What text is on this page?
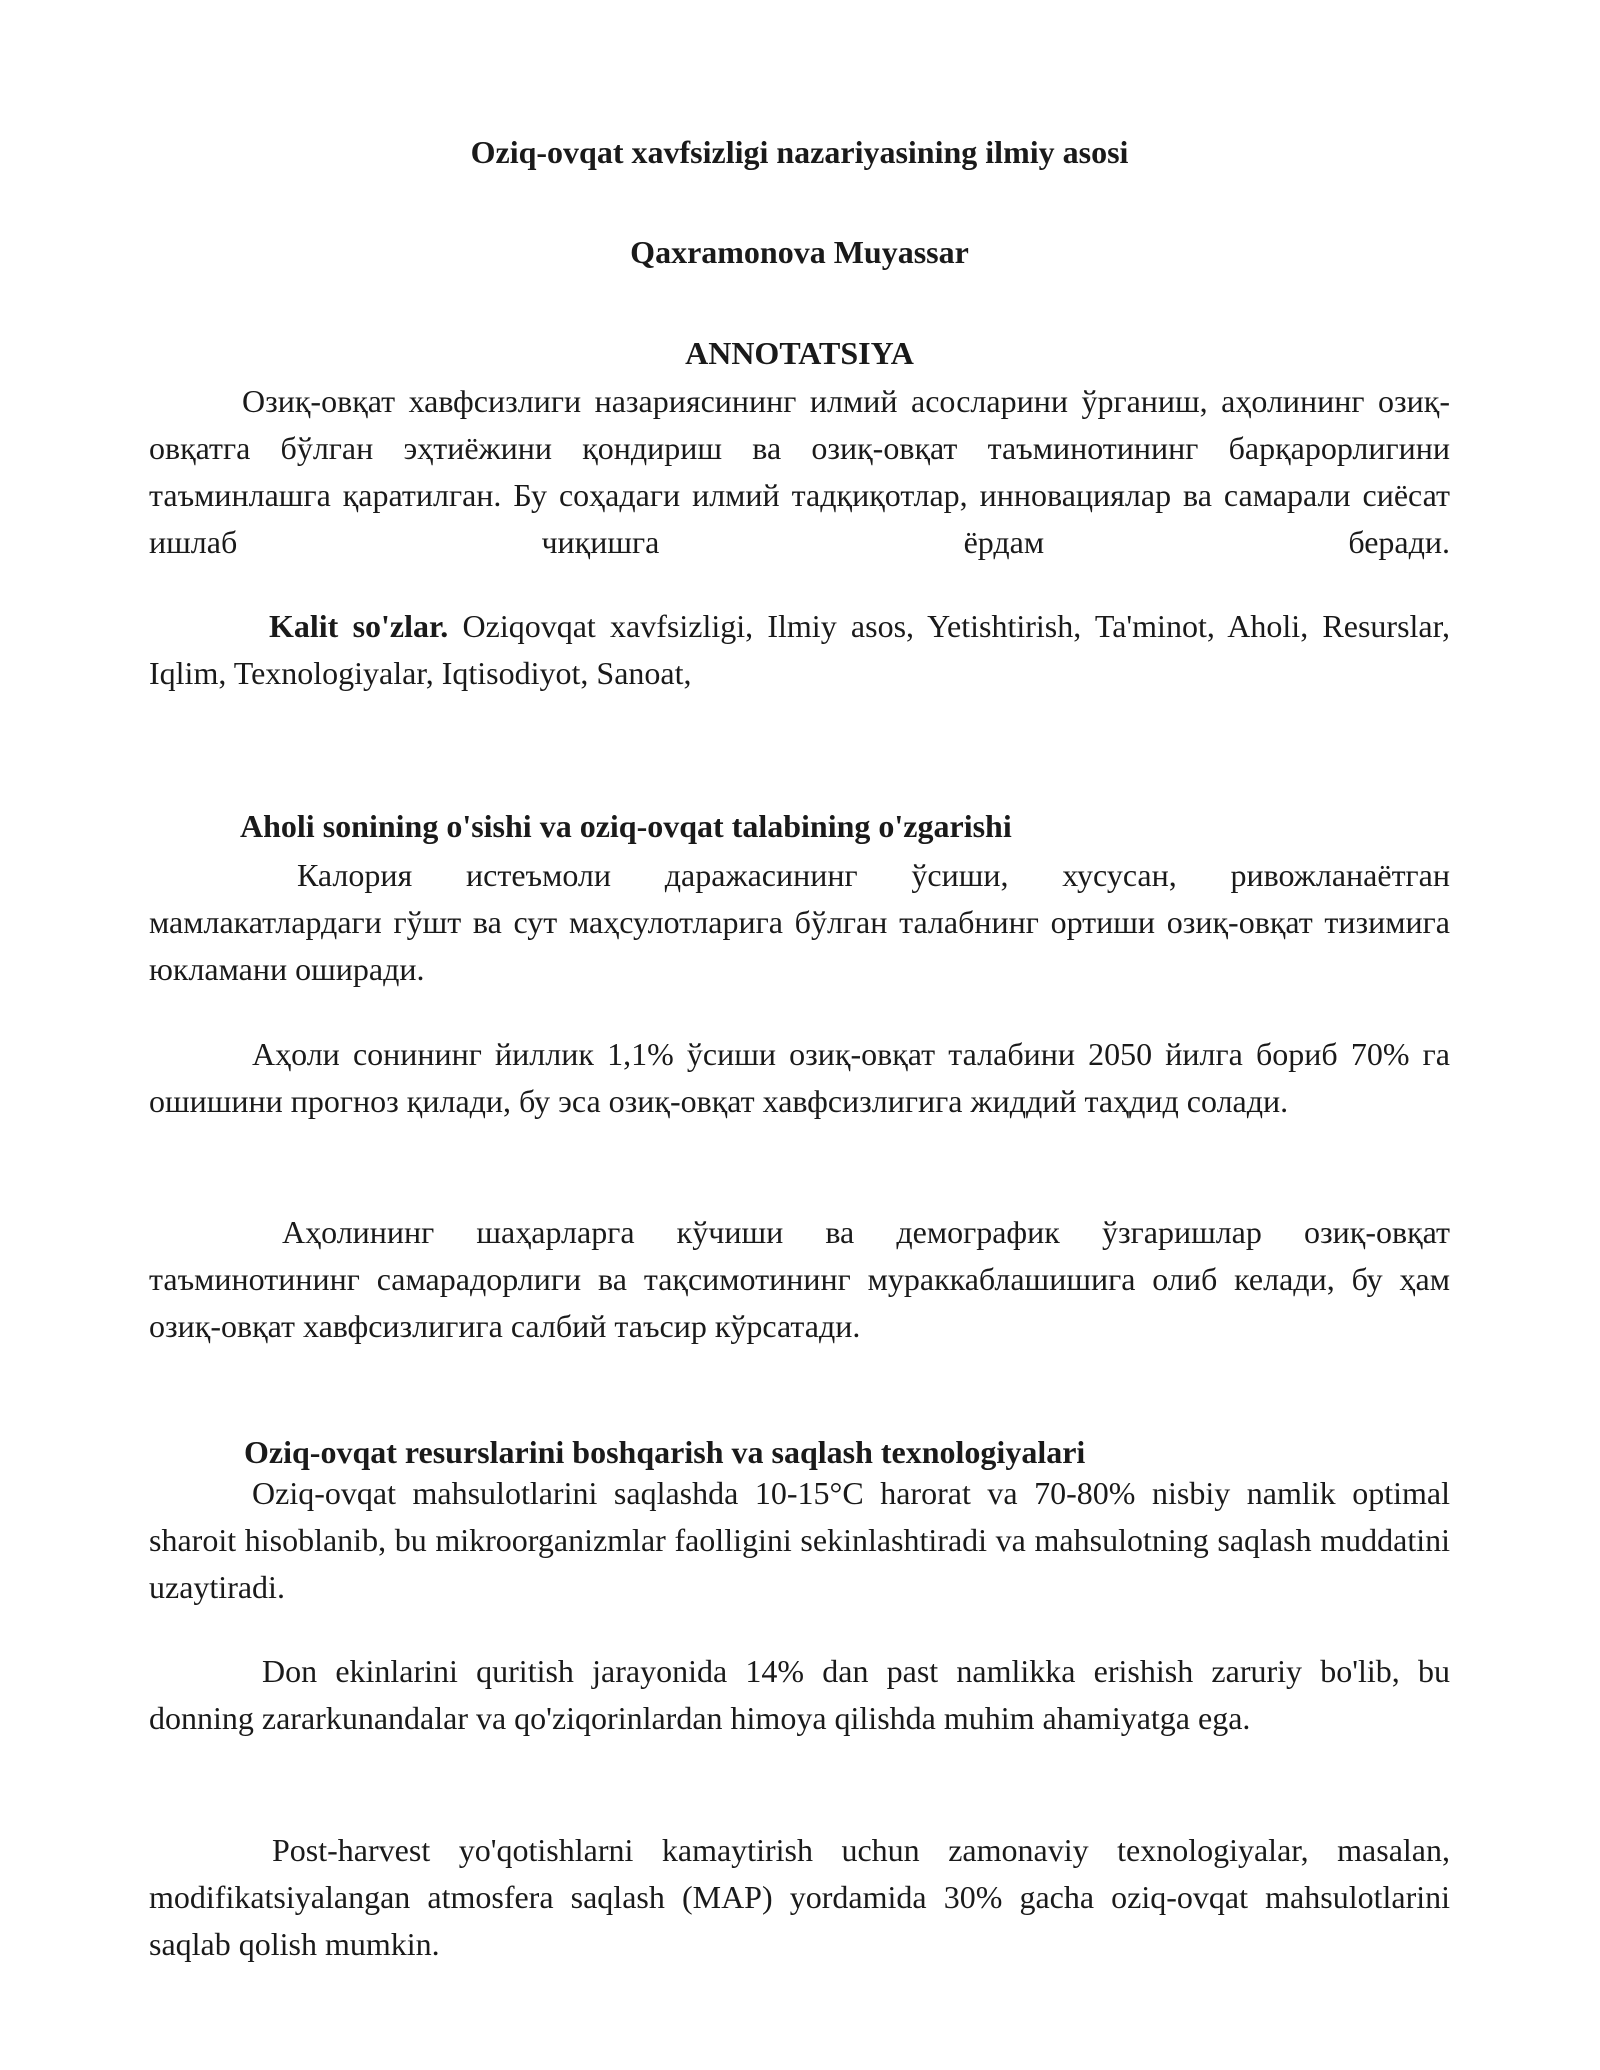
Oziq-ovqat xavfsizligi nazariyasining ilmiy asosi
Qaxramonova Muyassar
ANNOTATSIYA
Озиқ-овқат хавфсизлиги назариясининг илмий асосларини ўрганиш, аҳолининг озиқ-овқатга бўлган эҳтиёжини қондириш ва озиқ-овқат таъминотининг барқарорлигини таъминлашга қаратилган. Бу соҳадаги илмий тадқиқотлар, инновациялар ва самарали сиёсат ишлаб чиқишга ёрдам беради.
Kalit so'zlar. Oziqovqat xavfsizligi, Ilmiy asos, Yetishtirish, Ta'minot, Aholi, Resurslar, Iqlim, Texnologiyalar, Iqtisodiyot, Sanoat,
Aholi sonining o'sishi va oziq-ovqat talabining o'zgarishi
Калория истеъмоли даражасининг ўсиши, хусусан, ривожланаётган мамлакатлардаги гўшт ва сут маҳсулотларига бўлган талабнинг ортиши озиқ-овқат тизимига юкламани оширади.
Аҳоли сонининг йиллик 1,1% ўсиши озиқ-овқат талабини 2050 йилга бориб 70% га ошишини прогноз қилади, бу эса озиқ-овқат хавфсизлигига жиддий таҳдид солади.
Аҳолининг шаҳарларга кўчиши ва демографик ўзгаришлар озиқ-овқат таъминотининг самарадорлиги ва тақсимотининг мураккаблашишига олиб келади, бу ҳам озиқ-овқат хавфсизлигига салбий таъсир кўрсатади.
Oziq-ovqat resurslarini boshqarish va saqlash texnologiyalari
Oziq-ovqat mahsulotlarini saqlashda 10-15°C harorat va 70-80% nisbiy namlik optimal sharoit hisoblanib, bu mikroorganizmlar faolligini sekinlashtiradi va mahsulotning saqlash muddatini uzaytiradi.
Don ekinlarini quritish jarayonida 14% dan past namlikka erishish zaruriy bo'lib, bu donning zararkunandalar va qo'ziqorinlardan himoya qilishda muhim ahamiyatga ega.
Post-harvest yo'qotishlarni kamaytirish uchun zamonaviy texnologiyalar, masalan, modifikatsiyalangan atmosfera saqlash (MAP) yordamida 30% gacha oziq-ovqat mahsulotlarini saqlab qolish mumkin.
